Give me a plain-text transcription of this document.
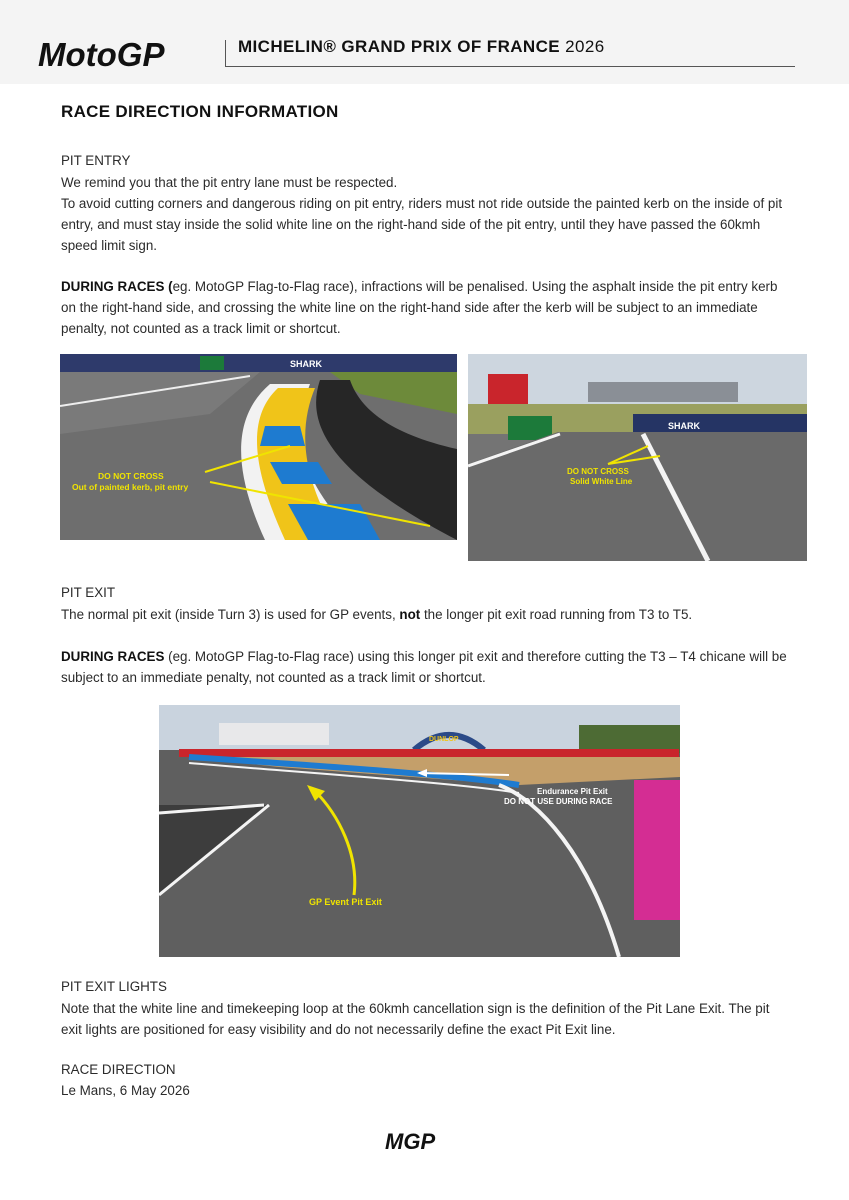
MotoGP	MICHELIN® GRAND PRIX OF FRANCE 2026
RACE DIRECTION INFORMATION
PIT ENTRY

We remind you that the pit entry lane must be respected.

To avoid cutting corners and dangerous riding on pit entry, riders must not ride outside the painted kerb on the inside of pit entry, and must stay inside the solid white line on the right-hand side of the pit entry, until they have passed the 60kmh speed limit sign.

DURING RACES (eg. MotoGP Flag-to-Flag race), infractions will be penalised. Using the asphalt inside the pit entry kerb on the right-hand side, and crossing the white line on the right-hand side after the kerb will be subject to an immediate penalty, not counted as a track limit or shortcut.

SHARK
DO NOT CROSS
Out of painted kerb, pit entry
SHARK
DO NOT CROSS
Solid White Line
PIT EXIT

The normal pit exit (inside Turn 3) is used for GP events, not the longer pit exit road running from T3 to T5.

DURING RACES (eg. MotoGP Flag-to-Flag race) using this longer pit exit and therefore cutting the T3 – T4 chicane will be subject to an immediate penalty, not counted as a track limit or shortcut.

DUNLOP
Endurance Pit Exit
DO NOT USE DURING RACE
GP Event Pit Exit
PIT EXIT LIGHTS

Note that the white line and timekeeping loop at the 60kmh cancellation sign is the definition of the Pit Lane Exit. The pit exit lights are positioned for easy visibility and do not necessarily define the exact Pit Exit line.

RACE DIRECTION
Le Mans, 6 May 2026
MGP
